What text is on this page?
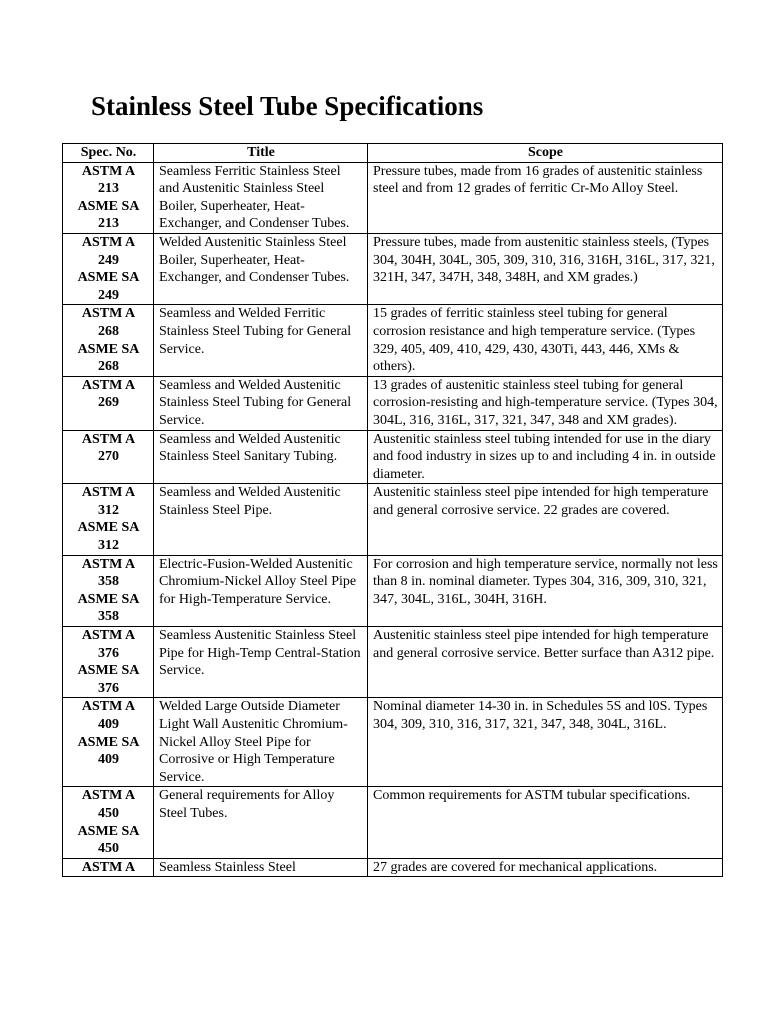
Stainless Steel Tube Specifications
Spec. No.	Title	Scope

ASTM A
213
ASME SA
213	Seamless Ferritic Stainless Steel and Austenitic Stainless Steel Boiler, Superheater, Heat-Exchanger, and Condenser Tubes.	Pressure tubes, made from 16 grades of austenitic stainless steel and from 12 grades of ferritic Cr-Mo Alloy Steel.

ASTM A
249
ASME SA
249	Welded Austenitic Stainless Steel Boiler, Superheater, Heat-Exchanger, and Condenser Tubes.	Pressure tubes, made from austenitic stainless steels, (Types 304, 304H, 304L, 305, 309, 310, 316, 316H, 316L, 317, 321, 321H, 347, 347H, 348, 348H, and XM grades.)

ASTM A
268
ASME SA
268	Seamless and Welded Ferritic Stainless Steel Tubing for General Service.	15 grades of ferritic stainless steel tubing for general corrosion resistance and high temperature service. (Types 329, 405, 409, 410, 429, 430, 430Ti, 443, 446, XMs & others).

ASTM A
269	Seamless and Welded Austenitic Stainless Steel Tubing for General Service.	13 grades of austenitic stainless steel tubing for general corrosion-resisting and high-temperature service. (Types 304, 304L, 316, 316L, 317, 321, 347, 348 and XM grades).

ASTM A
270	Seamless and Welded Austenitic Stainless Steel Sanitary Tubing.	Austenitic stainless steel tubing intended for use in the diary and food industry in sizes up to and including 4 in. in outside diameter.

ASTM A
312
ASME SA
312	Seamless and Welded Austenitic Stainless Steel Pipe.	Austenitic stainless steel pipe intended for high temperature and general corrosive service. 22 grades are covered.

ASTM A
358
ASME SA
358	Electric-Fusion-Welded Austenitic Chromium-Nickel Alloy Steel Pipe for High-Temperature Service.	For corrosion and high temperature service, normally not less than 8 in. nominal diameter. Types 304, 316, 309, 310, 321, 347, 304L, 316L, 304H, 316H.

ASTM A
376
ASME SA
376	Seamless Austenitic Stainless Steel Pipe for High-Temp Central-Station Service.	Austenitic stainless steel pipe intended for high temperature and general corrosive service. Better surface than A312 pipe.

ASTM A
409
ASME SA
409	Welded Large Outside Diameter Light Wall Austenitic Chromium-Nickel Alloy Steel Pipe for Corrosive or High Temperature Service.	Nominal diameter 14-30 in. in Schedules 5S and l0S. Types 304, 309, 310, 316, 317, 321, 347, 348, 304L, 316L.

ASTM A
450
ASME SA
450	General requirements for Alloy Steel Tubes.	Common requirements for ASTM tubular specifications.

ASTM A	Seamless Stainless Steel	27 grades are covered for mechanical applications.
